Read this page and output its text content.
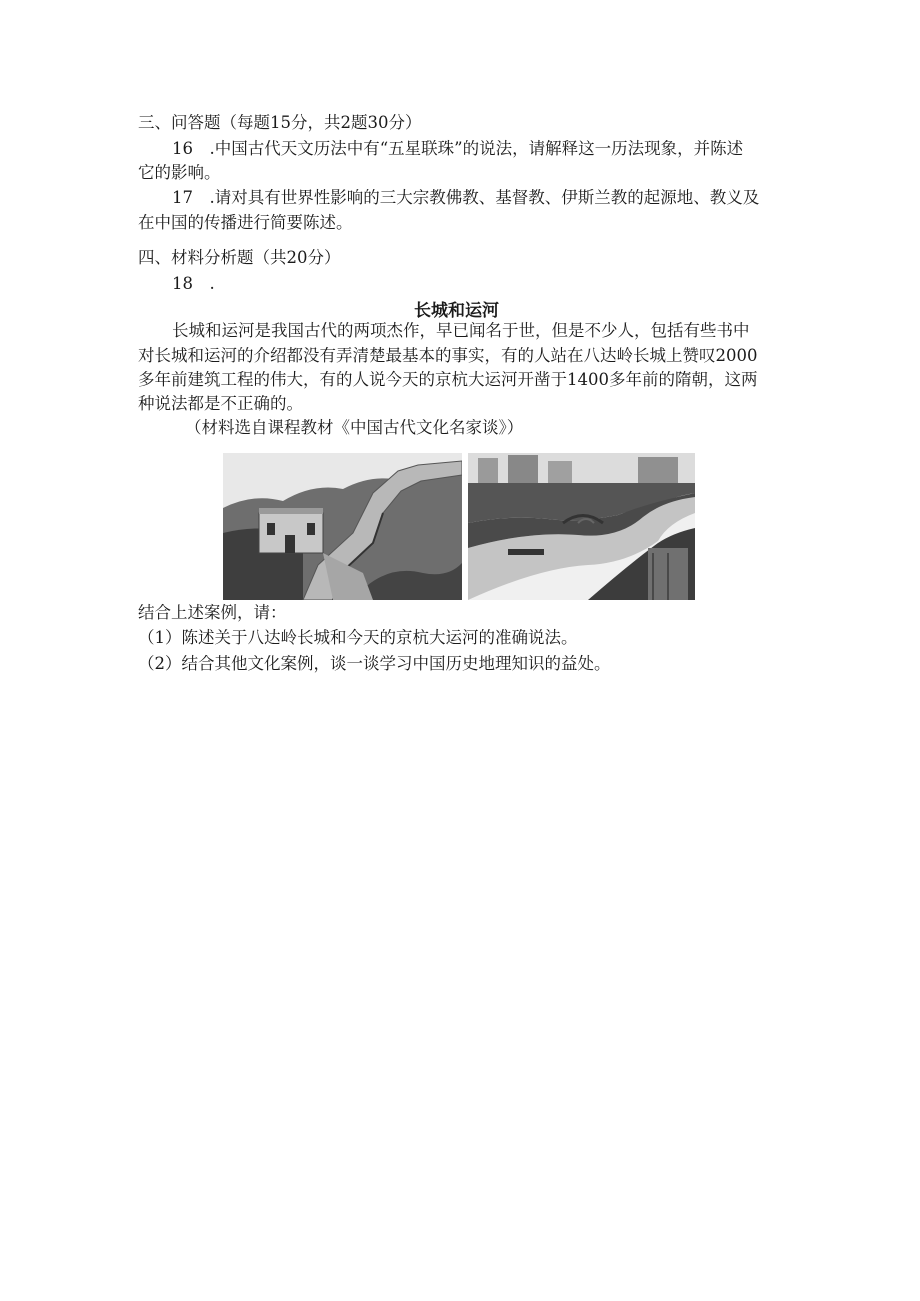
三、问答题（每题15分，共2题30分）
16　.中国古代天文历法中有“五星联珠”的说法，请解释这一历法现象，并陈述
它的影响。
17　.请对具有世界性影响的三大宗教佛教、基督教、伊斯兰教的起源地、教义及
在中国的传播进行简要陈述。
四、材料分析题（共20分）
18　.
长城和运河
长城和运河是我国古代的两项杰作，早已闻名于世，但是不少人，包括有些书中
对长城和运河的介绍都没有弄清楚最基本的事实，有的人站在八达岭长城上赞叹2000
多年前建筑工程的伟大，有的人说今天的京杭大运河开凿于1400多年前的隋朝，这两
种说法都是不正确的。
（材料选自课程教材《中国古代文化名家谈》）
结合上述案例，请：
（1）陈述关于八达岭长城和今天的京杭大运河的准确说法。
（2）结合其他文化案例，谈一谈学习中国历史地理知识的益处。
